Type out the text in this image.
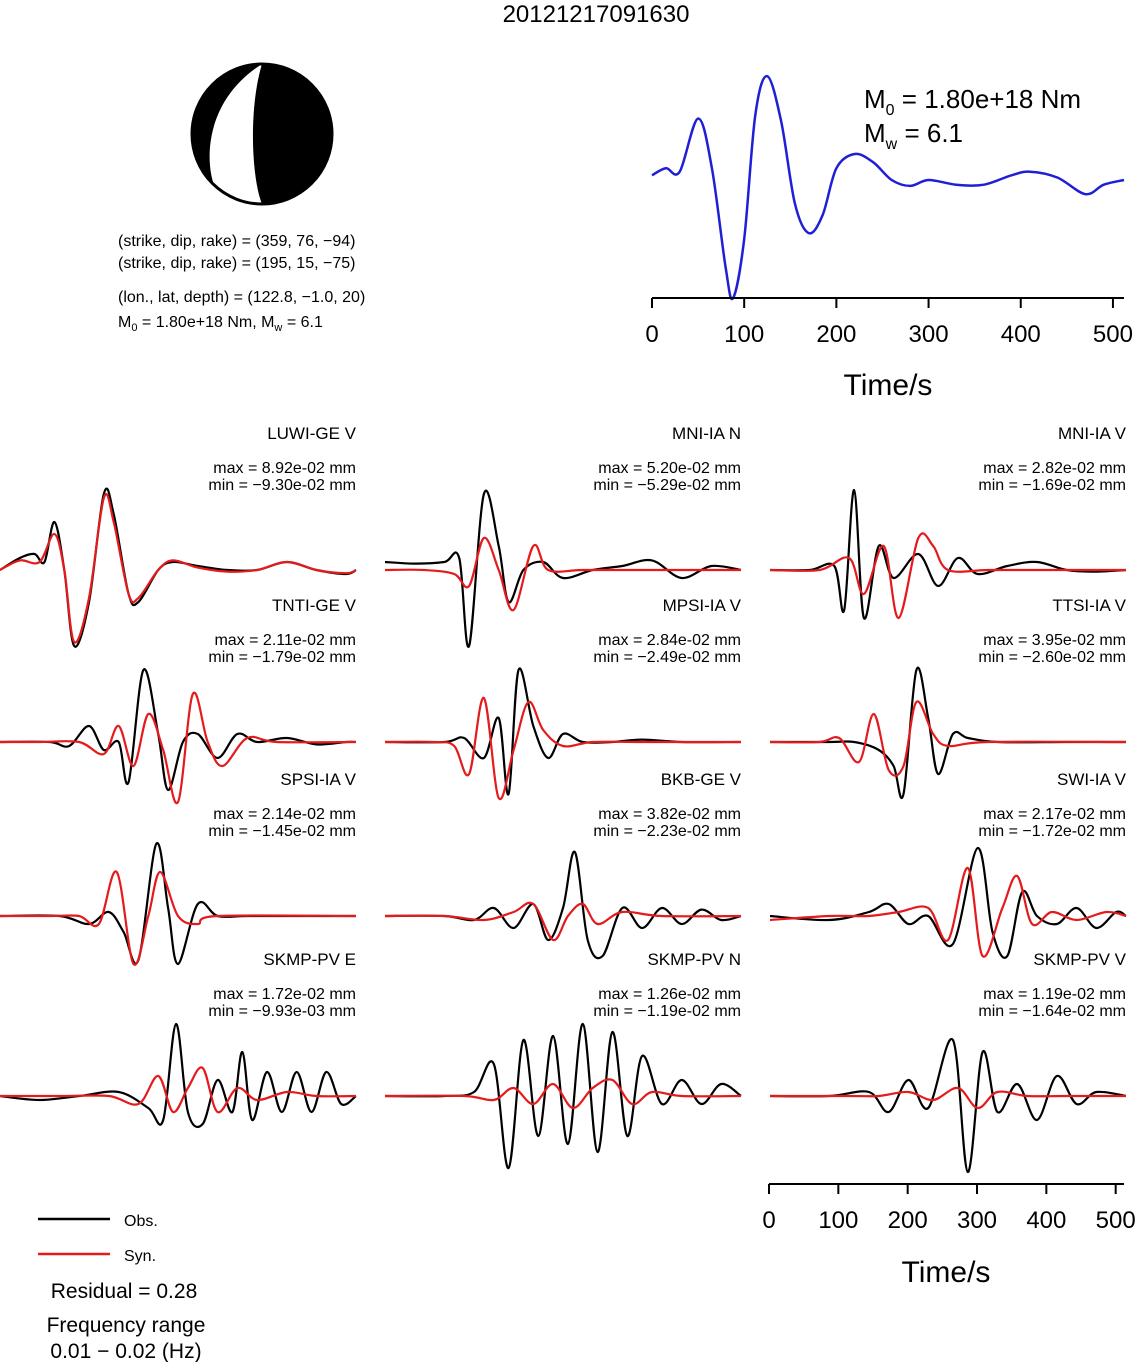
20121217091630
(strike, dip, rake) = (359, 76, −94)
(strike, dip, rake) = (195, 15, −75)
(lon., lat, depth) = (122.8, −1.0, 20)
$M_0 = 1.80e+18$ Nm, $M_w = 6.1$	0	100 200 300 400 500
Time/s
$M_0 = 1.80e+18$ Nm
$M_w = 6.1$
LUWI-GE V
max = 8.92e-02 mm
min = −9.30e-02 mm
MNI-IA N
max = 5.20e-02 mm
min = −5.29e-02 mm
MNI-IA V
max = 2.82e-02 mm
min = −1.69e-02 mm
TNTI-GE V
max = 2.11e-02 mm
min = −1.79e-02 mm
MPSI-IA V
max = 2.84e-02 mm
min = −2.49e-02 mm
TTSI-IA V
max = 3.95e-02 mm
min = −2.60e-02 mm
SPSI-IA V
max = 2.14e-02 mm
min = −1.45e-02 mm
BKB-GE V
max = 3.82e-02 mm
min = −2.23e-02 mm
SWI-IA V
max = 2.17e-02 mm
min = −1.72e-02 mm
SKMP-PV E
max = 1.72e-02 mm
min = −9.93e-03 mm
SKMP-PV N
max = 1.26e-02 mm
min = −1.19e-02 mm
SKMP-PV V
max = 1.19e-02 mm
min = −1.64e-02 mm
0 100 200 300 400 500
Time/s
Obs.
Syn.
Residual = 0.28
Frequency range
0.01 − 0.02 (Hz)
